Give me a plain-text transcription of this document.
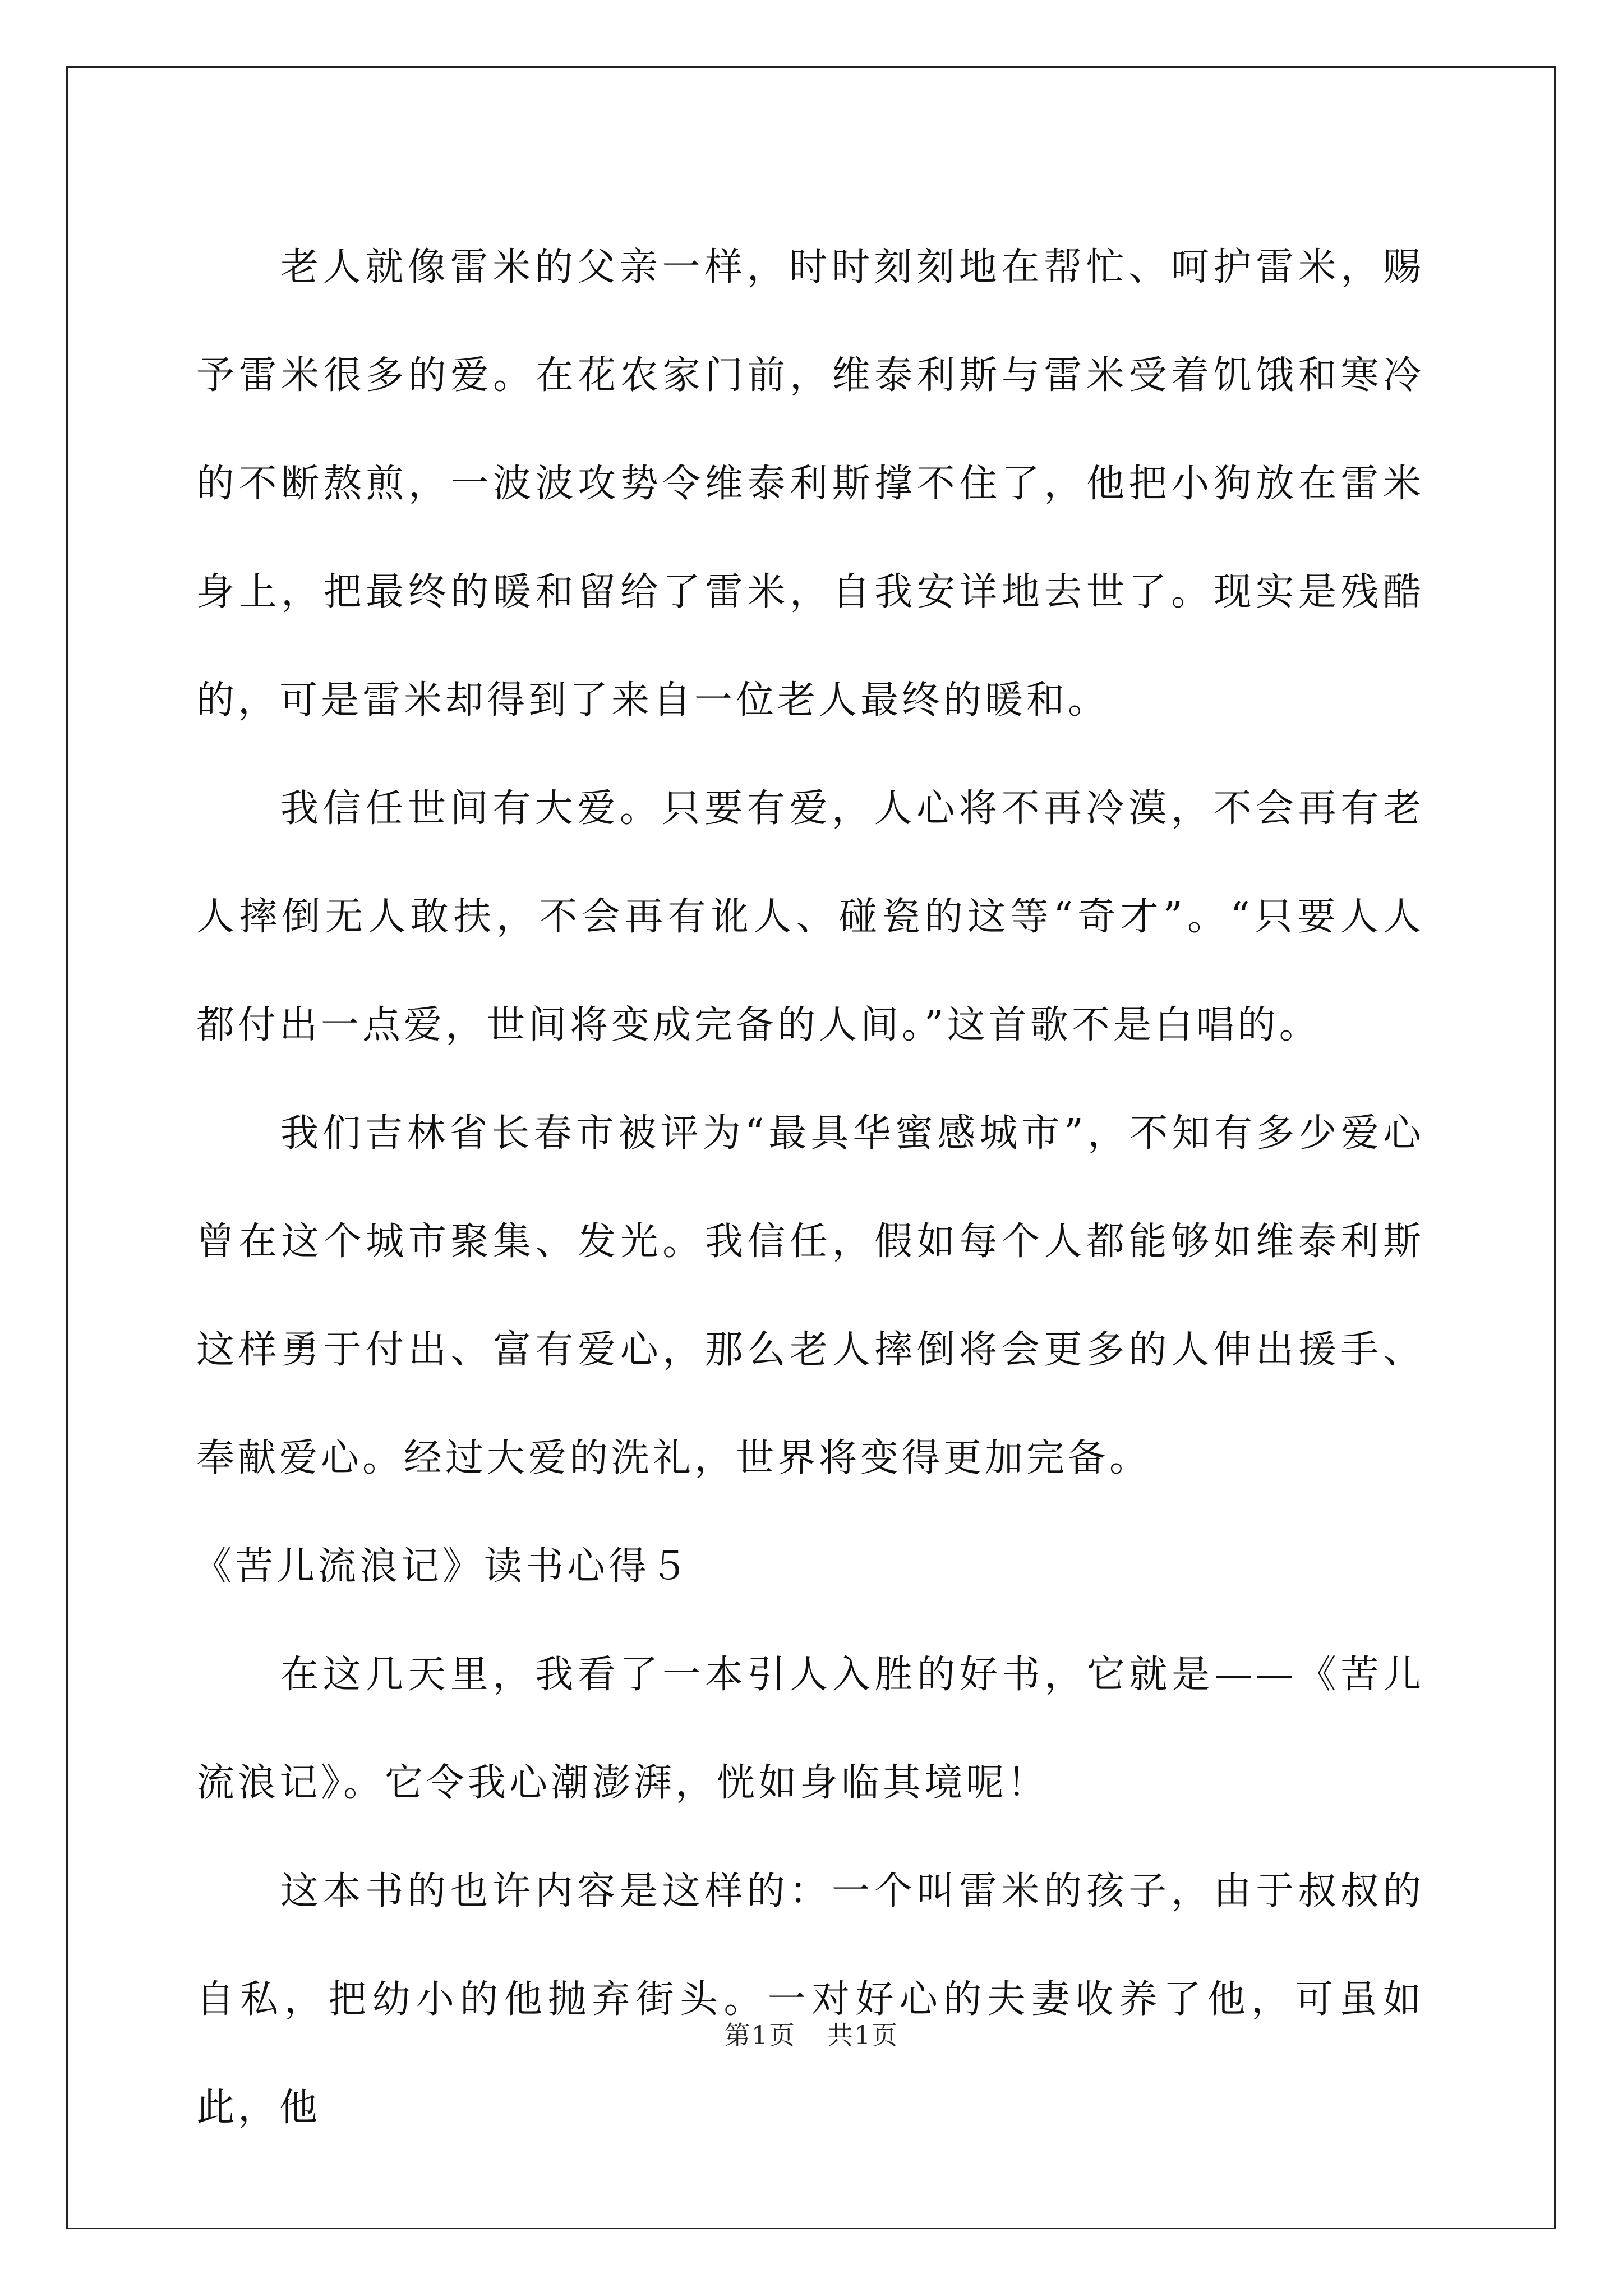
老人就像雷米的父亲一样，时时刻刻地在帮忙、呵护雷米，赐予雷米很多的爱。在花农家门前，维泰利斯与雷米受着饥饿和寒冷的不断熬煎，一波波攻势令维泰利斯撑不住了，他把小狗放在雷米身上，把最终的暖和留给了雷米，自我安详地去世了。现实是残酷的，可是雷米却得到了来自一位老人最终的暖和。

我信任世间有大爱。只要有爱，人心将不再冷漠，不会再有老人摔倒无人敢扶，不会再有讹人、碰瓷的这等“奇才”。“只要人人都付出一点爱，世间将变成完备的人间。”这首歌不是白唱的。

我们吉林省长春市被评为“最具华蜜感城市”，不知有多少爱心曾在这个城市聚集、发光。我信任，假如每个人都能够如维泰利斯这样勇于付出、富有爱心，那么老人摔倒将会更多的人伸出援手、奉献爱心。经过大爱的洗礼，世界将变得更加完备。

《苦儿流浪记》读书心得５

在这几天里，我看了一本引人入胜的好书，它就是——《苦儿流浪记》。它令我心潮澎湃，恍如身临其境呢！

这本书的也许内容是这样的：一个叫雷米的孩子，由于叔叔的自私，把幼小的他抛弃街头。一对好心的夫妻收养了他，可虽如此，他

第1页 共1页
